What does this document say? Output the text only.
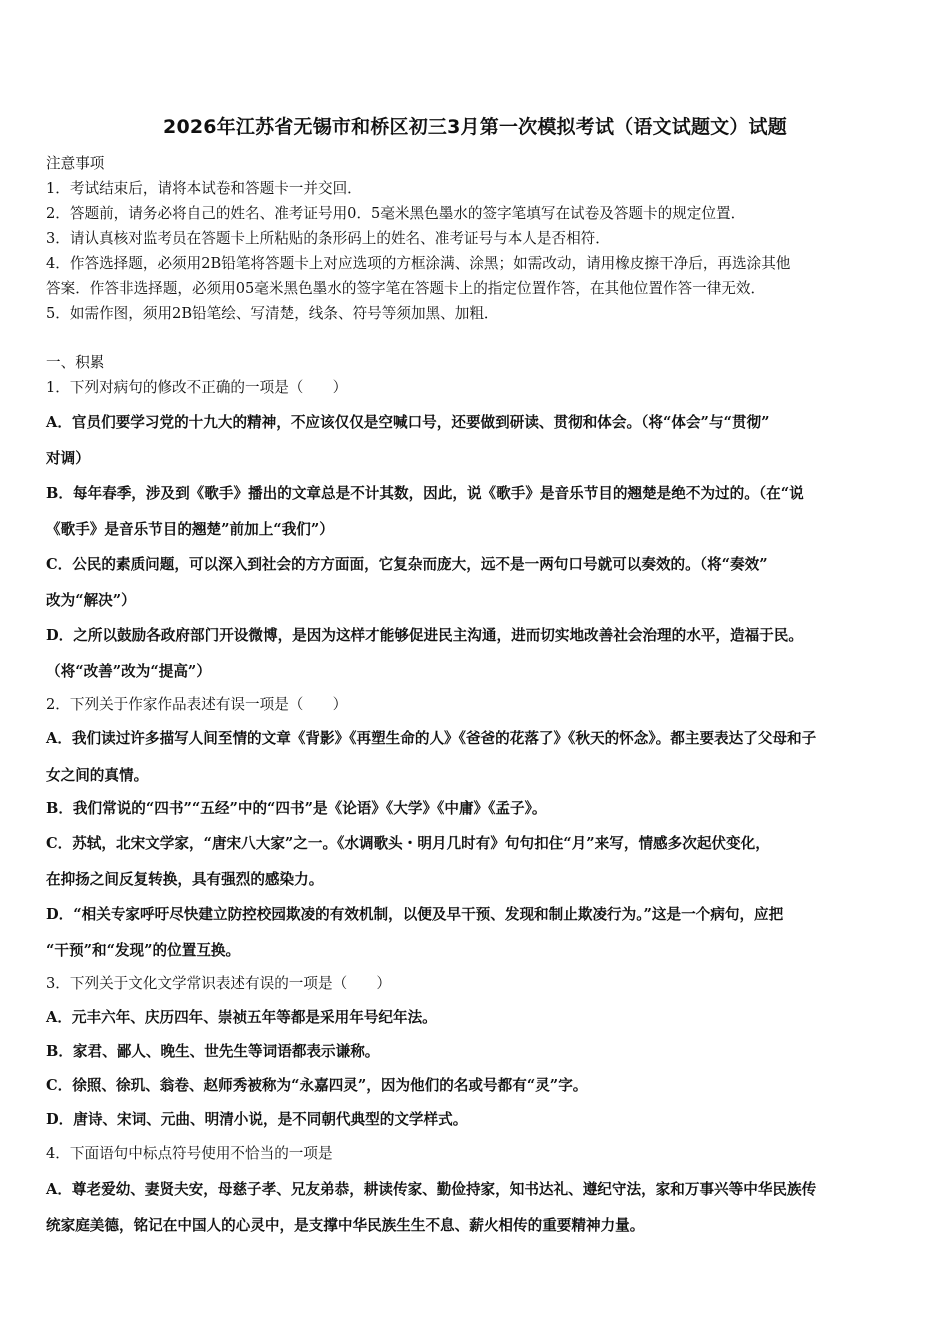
2026年江苏省无锡市和桥区初三3月第一次模拟考试（语文试题文）试题
注意事项
1．考试结束后，请将本试卷和答题卡一并交回．
2．答题前，请务必将自己的姓名、准考证号用0．5毫米黑色墨水的签字笔填写在试卷及答题卡的规定位置．
3．请认真核对监考员在答题卡上所粘贴的条形码上的姓名、准考证号与本人是否相符．
4．作答选择题，必须用2B铅笔将答题卡上对应选项的方框涂满、涂黑；如需改动，请用橡皮擦干净后，再选涂其他
答案．作答非选择题，必须用05毫米黑色墨水的签字笔在答题卡上的指定位置作答，在其他位置作答一律无效．
5．如需作图，须用2B铅笔绘、写清楚，线条、符号等须加黑、加粗．
一、积累
1．下列对病句的修改不正确的一项是（　　）
A．官员们要学习党的十九大的精神，不应该仅仅是空喊口号，还要做到研读、贯彻和体会。（将“体会”与“贯彻”
对调）
B．每年春季，涉及到《歌手》播出的文章总是不计其数，因此，说《歌手》是音乐节目的翘楚是绝不为过的。（在“说
《歌手》是音乐节目的翘楚”前加上“我们”）
C．公民的素质问题，可以深入到社会的方方面面，它复杂而庞大，远不是一两句口号就可以奏效的。（将“奏效”
改为“解决”）
D．之所以鼓励各政府部门开设微博，是因为这样才能够促进民主沟通，进而切实地改善社会治理的水平，造福于民。
（将“改善”改为“提高”）
2．下列关于作家作品表述有误一项是（　　）
A．我们读过许多描写人间至情的文章《背影》《再塑生命的人》《爸爸的花落了》《秋天的怀念》。都主要表达了父母和子
女之间的真情。
B．我们常说的“四书”“五经”中的“四书”是《论语》《大学》《中庸》《孟子》。
C．苏轼，北宋文学家，“唐宋八大家”之一。《水调歌头・明月几时有》句句扣住“月”来写，情感多次起伏变化，
在抑扬之间反复转换，具有强烈的感染力。
D．“相关专家呼吁尽快建立防控校园欺凌的有效机制，以便及早干预、发现和制止欺凌行为。”这是一个病句，应把
“干预”和“发现”的位置互换。
3．下列关于文化文学常识表述有误的一项是（　　）
A．元丰六年、庆历四年、崇祯五年等都是采用年号纪年法。
B．家君、鄙人、晚生、世先生等词语都表示谦称。
C．徐照、徐玑、翁卷、赵师秀被称为“永嘉四灵”，因为他们的名或号都有“灵”字。
D．唐诗、宋词、元曲、明清小说，是不同朝代典型的文学样式。
4．下面语句中标点符号使用不恰当的一项是
A．尊老爱幼、妻贤夫安，母慈子孝、兄友弟恭，耕读传家、勤俭持家，知书达礼、遵纪守法，家和万事兴等中华民族传
统家庭美德，铭记在中国人的心灵中，是支撑中华民族生生不息、薪火相传的重要精神力量。
